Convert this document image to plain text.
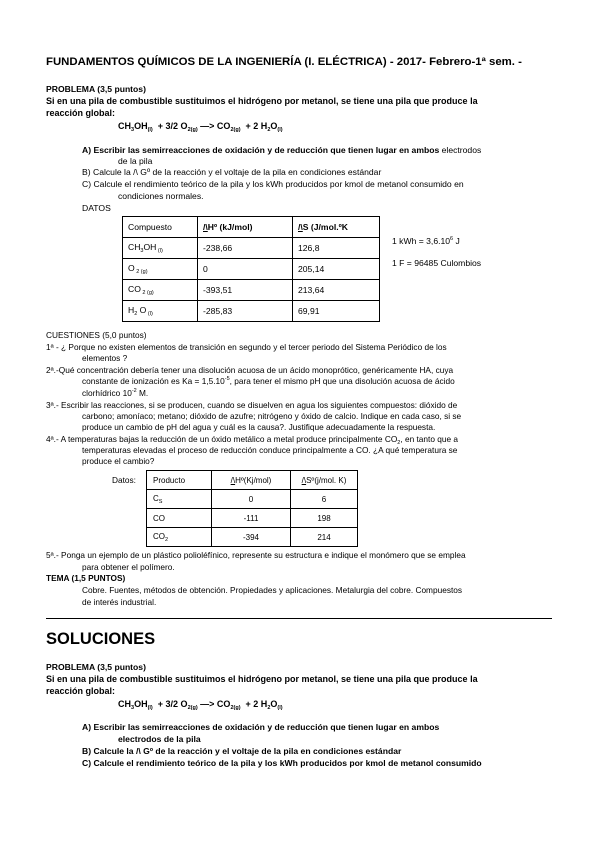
FUNDAMENTOS QUÍMICOS DE LA INGENIERÍA (I. ELÉCTRICA) - 2017- Febrero-1ª sem. -
PROBLEMA (3,5 puntos)
Si en una pila de combustible sustituimos el hidrógeno por metanol, se tiene una pila que produce la
reacción global:
$CH_3OH_{(l)} + 3/2$ $O_{2(g)}$ —> $CO_{2(g)} + 2$ $H_2O_{(l)}$
A) Escribir las semirreacciones de oxidación y de reducción que tienen lugar en ambos electrodos
de la pila
B) Calcule la /\ Gº de la reacción y el voltaje de la pila en condiciones estándar
C) Calcule el rendimiento teórico de la pila y los kWh producidos por kmol de metanol consumido en
condiciones normales.
DATOS
Compuesto	/\Hº (kJ/mol)	/\S (J/mol.ºK
$CH_3OH$ $_{(l)}$	-238,66	126,8
O $_{2 (g)}$	0	205,14
CO $_{2 (g)}$	-393,51	213,64
$H_2$ O $_{(l)}$	-285,83	69,91
1 kWh = $3,6.10^6$ J
1 F = 96485 Culombios
CUESTIONES (5,0 puntos)
1ª - ¿ Porque no existen elementos de transición en segundo y el tercer periodo del Sistema Periódico de los
elementos ?
2ª.-Qué concentración debería tener una disolución acuosa de un ácido monoprótico, genéricamente HA, cuya
constante de ionización es $Ka = 1,5.10^{-5}$, para tener el mismo pH que una disolución acuosa de ácido
clorhídrico $10^{-2}$ M.
3ª.- Escribir las reacciones, si se producen, cuando se disuelven en agua los siguientes compuestos: dióxido de
carbono; amoníaco; metano; dióxido de azufre; nitrógeno y óxido de calcio. Indique en cada caso, si se
produce un cambio de pH del agua y cuál es la causa?. Justifique adecuadamente la respuesta.
4ª.- A temperaturas bajas la reducción de un óxido metálico a metal produce principalmente $CO_2$, en tanto que a
temperaturas elevadas el proceso de reducción conduce principalmente a CO. ¿A qué temperatura se
produce el cambio?
Datos: Producto	/\Hº(Kj/mol)	/\Sº(j/mol. K)
$C_S$	0	6
CO	-111	198
$CO_2$	-394	214
5ª.- Ponga un ejemplo de un plástico polioléfínico, represente su estructura e indique el monómero que se emplea
para obtener el polímero.
TEMA (1,5 PUNTOS)
Cobre. Fuentes, métodos de obtención. Propiedades y aplicaciones. Metalurgia del cobre. Compuestos
de interés industrial.
SOLUCIONES
PROBLEMA (3,5 puntos)
Si en una pila de combustible sustituimos el hidrógeno por metanol, se tiene una pila que produce la
reacción global:
$CH_3OH_{(l)} + 3/2$ $O_{2(g)}$ —> $CO_{2(g)} + 2$ $H_2O_{(l)}$
A) Escribir las semirreacciones de oxidación y de reducción que tienen lugar en ambos
electrodos de la pila
B) Calcule la /\ Gº de la reacción y el voltaje de la pila en condiciones estándar
C) Calcule el rendimiento teórico de la pila y los kWh producidos por kmol de metanol consumido
